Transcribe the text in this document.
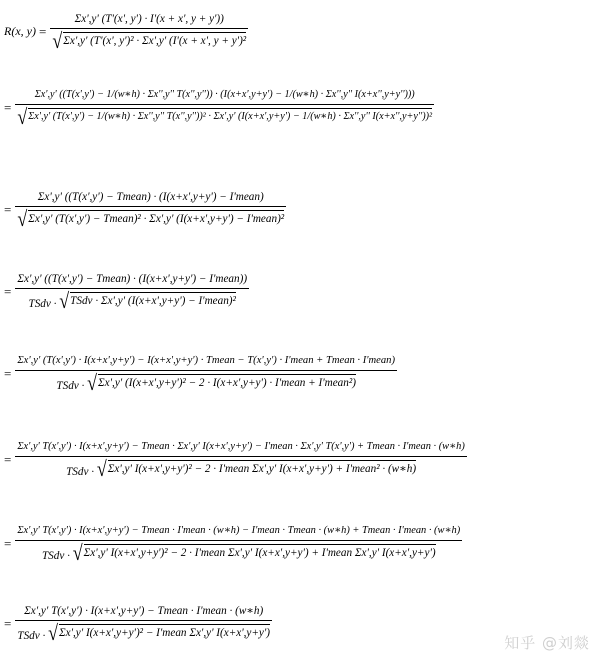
R(x, y) =
Σx',y' (T'(x', y') · I'(x + x', y + y'))
√ Σx',y' (T'(x', y')² · Σx',y' (I'(x + x', y + y')²
=
Σx',y' ((T(x',y') − 1/(w∗h) · Σx'',y'' T(x'',y'')) · (I(x+x',y+y') − 1/(w∗h) · Σx'',y'' I(x+x'',y+y'')))
√ Σx',y' (T(x',y') − 1/(w∗h) · Σx'',y'' T(x'',y''))² · Σx',y' (I(x+x',y+y') − 1/(w∗h) · Σx'',y'' I(x+x'',y+y''))²
=
Σx',y' ((T(x',y') − Tmean) · (I(x+x',y+y') − I'mean)
√ Σx',y' (T(x',y') − Tmean)² · Σx',y' (I(x+x',y+y') − I'mean)²
=
Σx',y' ((T(x',y') − Tmean) · (I(x+x',y+y') − I'mean))
TSdv · √ TSdv · Σx',y' (I(x+x',y+y') − I'mean)²
=
Σx',y' (T(x',y') · I(x+x',y+y') − I(x+x',y+y') · Tmean − T(x',y') · I'mean + Tmean · I'mean)
TSdv · √ Σx',y' (I(x+x',y+y')² − 2 · I(x+x',y+y') · I'mean + I'mean²)
=
Σx',y' T(x',y') · I(x+x',y+y') − Tmean · Σx',y' I(x+x',y+y') − I'mean · Σx',y' T(x',y') + Tmean · I'mean · (w∗h)
TSdv · √ Σx',y' I(x+x',y+y')² − 2 · I'mean Σx',y' I(x+x',y+y') + I'mean² · (w∗h)
=
Σx',y' T(x',y') · I(x+x',y+y') − Tmean · I'mean · (w∗h) − I'mean · Tmean · (w∗h) + Tmean · I'mean · (w∗h)
TSdv · √ Σx',y' I(x+x',y+y')² − 2 · I'mean Σx',y' I(x+x',y+y') + I'mean Σx',y' I(x+x',y+y')
=
Σx',y' T(x',y') · I(x+x',y+y') − Tmean · I'mean · (w∗h)
TSdv · √ Σx',y' I(x+x',y+y')² − I'mean Σx',y' I(x+x',y+y')
知乎 @刘燚
